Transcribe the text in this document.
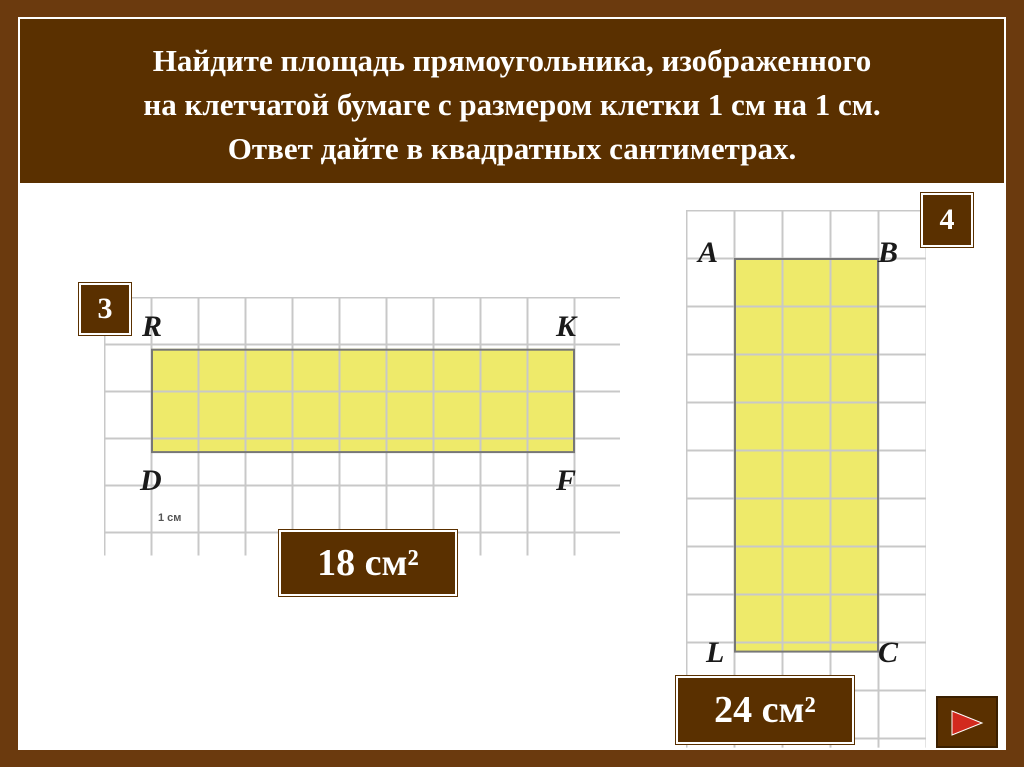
Найдите площадь прямоугольника, изображенного
на клетчатой бумаге с размером клетки 1 см на 1 см.
Ответ дайте в квадратных сантиметрах.
3
R	K
D	F
1 см
18 см²
4
A	B
L	C
24 см²
